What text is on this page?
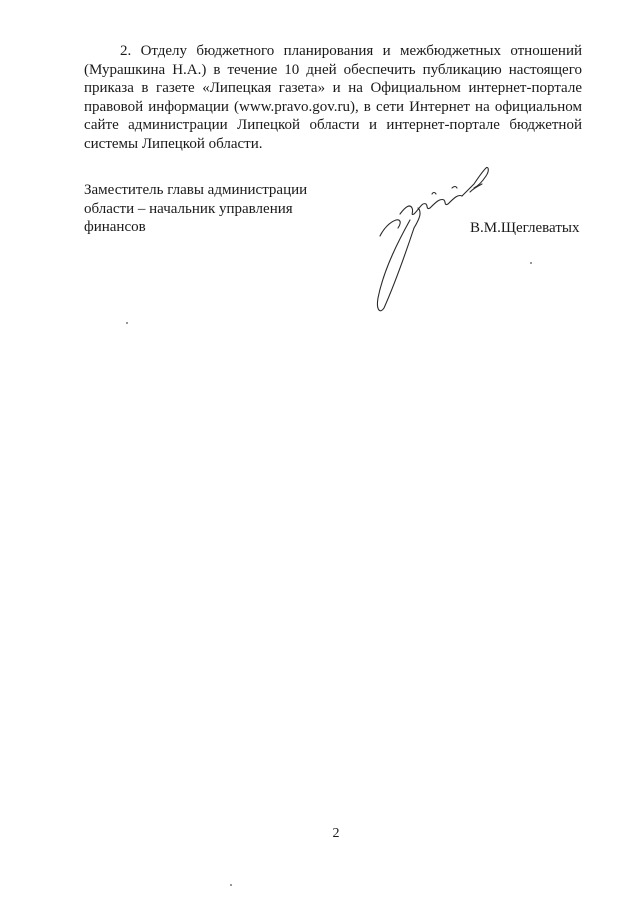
2. Отделу бюджетного планирования и межбюджетных отношений (Мурашкина Н.А.) в течение 10 дней обеспечить публикацию настоящего приказа в газете «Липецкая газета» и на Официальном интернет-портале правовой информации (www.pravo.gov.ru), в сети Интернет на официальном сайте администрации Липецкой области и интернет-портале бюджетной системы Липецкой области.

Заместитель главы администрации
области – начальник управления
финансов	В.М.Щеглеватых
2
